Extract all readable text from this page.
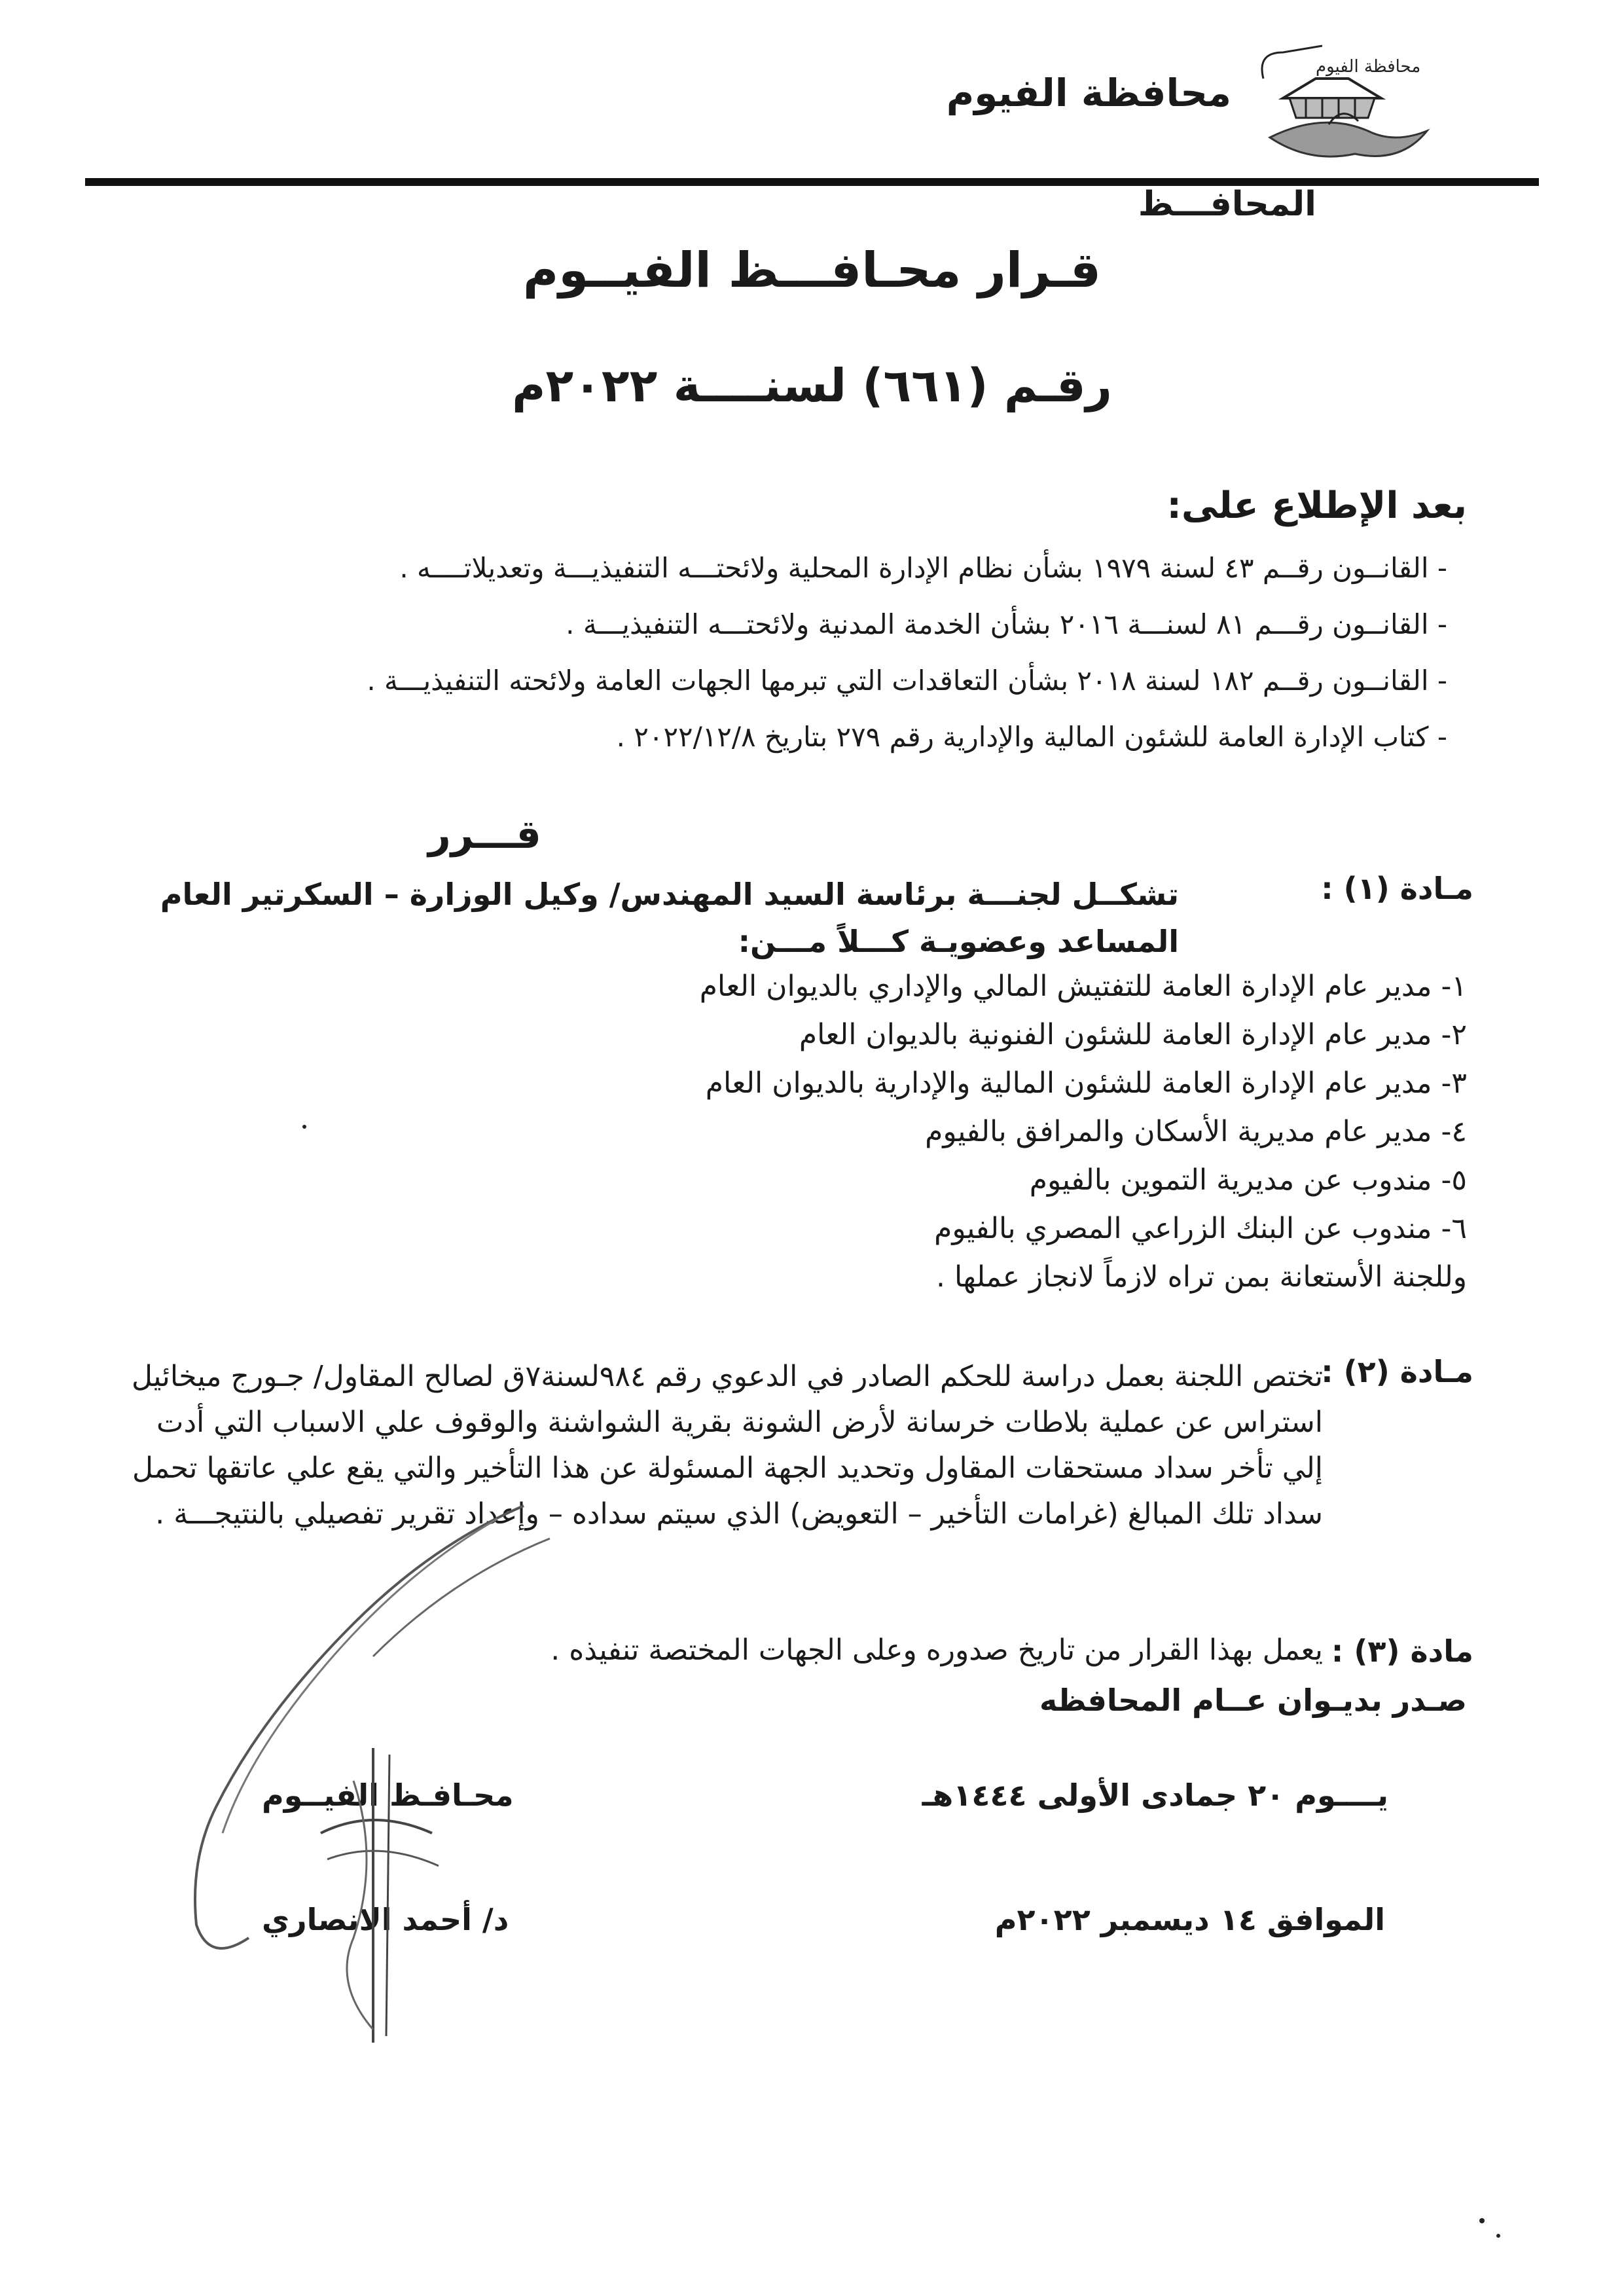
محافظة الفيوم
محافظة الفيوم
المحافـــظ
قـرار محـافـــظ الفيــوم
رقـم (٦٦١) لسنــــة ٢٠٢٢م
بعد الإطلاع على:
- القانــون رقــم ٤٣ لسنة ١٩٧٩ بشأن نظام الإدارة المحلية ولائحتـــه التنفيذيـــة وتعديلاتــــه .
- القانــون رقـــم ٨١ لسنـــة ٢٠١٦ بشأن الخدمة المدنية ولائحتـــه التنفيذيـــة .
- القانــون رقــم ١٨٢ لسنة ٢٠١٨ بشأن التعاقدات التي تبرمها الجهات العامة ولائحته التنفيذيـــة .
- كتاب الإدارة العامة للشئون المالية والإدارية رقم ٢٧٩ بتاريخ ٢٠٢٢/١٢/٨ .
قـــرر
مـادة (١) :
تشكــل لجنـــة برئاسة السيد المهندس/ وكيل الوزارة – السكرتير العام المساعد وعضويـة كـــلاً مـــن:
١- مدير عام الإدارة العامة للتفتيش المالي والإداري بالديوان العام
٢- مدير عام الإدارة العامة للشئون الفنونية بالديوان العام
٣- مدير عام الإدارة العامة للشئون المالية والإدارية بالديوان العام
٤- مدير عام مديرية الأسكان والمرافق بالفيوم
٥- مندوب عن مديرية التموين بالفيوم
٦- مندوب عن البنك الزراعي المصري بالفيوم
وللجنة الأستعانة بمن تراه لازماً لانجاز عملها .
مـادة (٢) :
تختص اللجنة بعمل دراسة للحكم الصادر في الدعوي رقم ٩٨٤لسنة٧ق لصالح المقاول/ جـورج ميخائيل استراس عن عملية بلاطات خرسانة لأرض الشونة بقرية الشواشنة والوقوف علي الاسباب التي أدت إلي تأخر سداد مستحقات المقاول وتحديد الجهة المسئولة عن هذا التأخير والتي يقع علي عاتقها تحمل سداد تلك المبالغ (غرامات التأخير – التعويض) الذي سيتم سداده – وإعداد تقرير تفصيلي بالنتيجـــة .
مادة (٣) :
يعمل بهذا القرار من تاريخ صدوره وعلى الجهات المختصة تنفيذه .
صـدر بديـوان عــام المحافظه
يــــوم ٢٠ جمادى الأولى ١٤٤٤هـ
الموافق ١٤ ديسمبر ٢٠٢٢م
محـافـظ الفيــوم
د/ أحمد الانصاري
